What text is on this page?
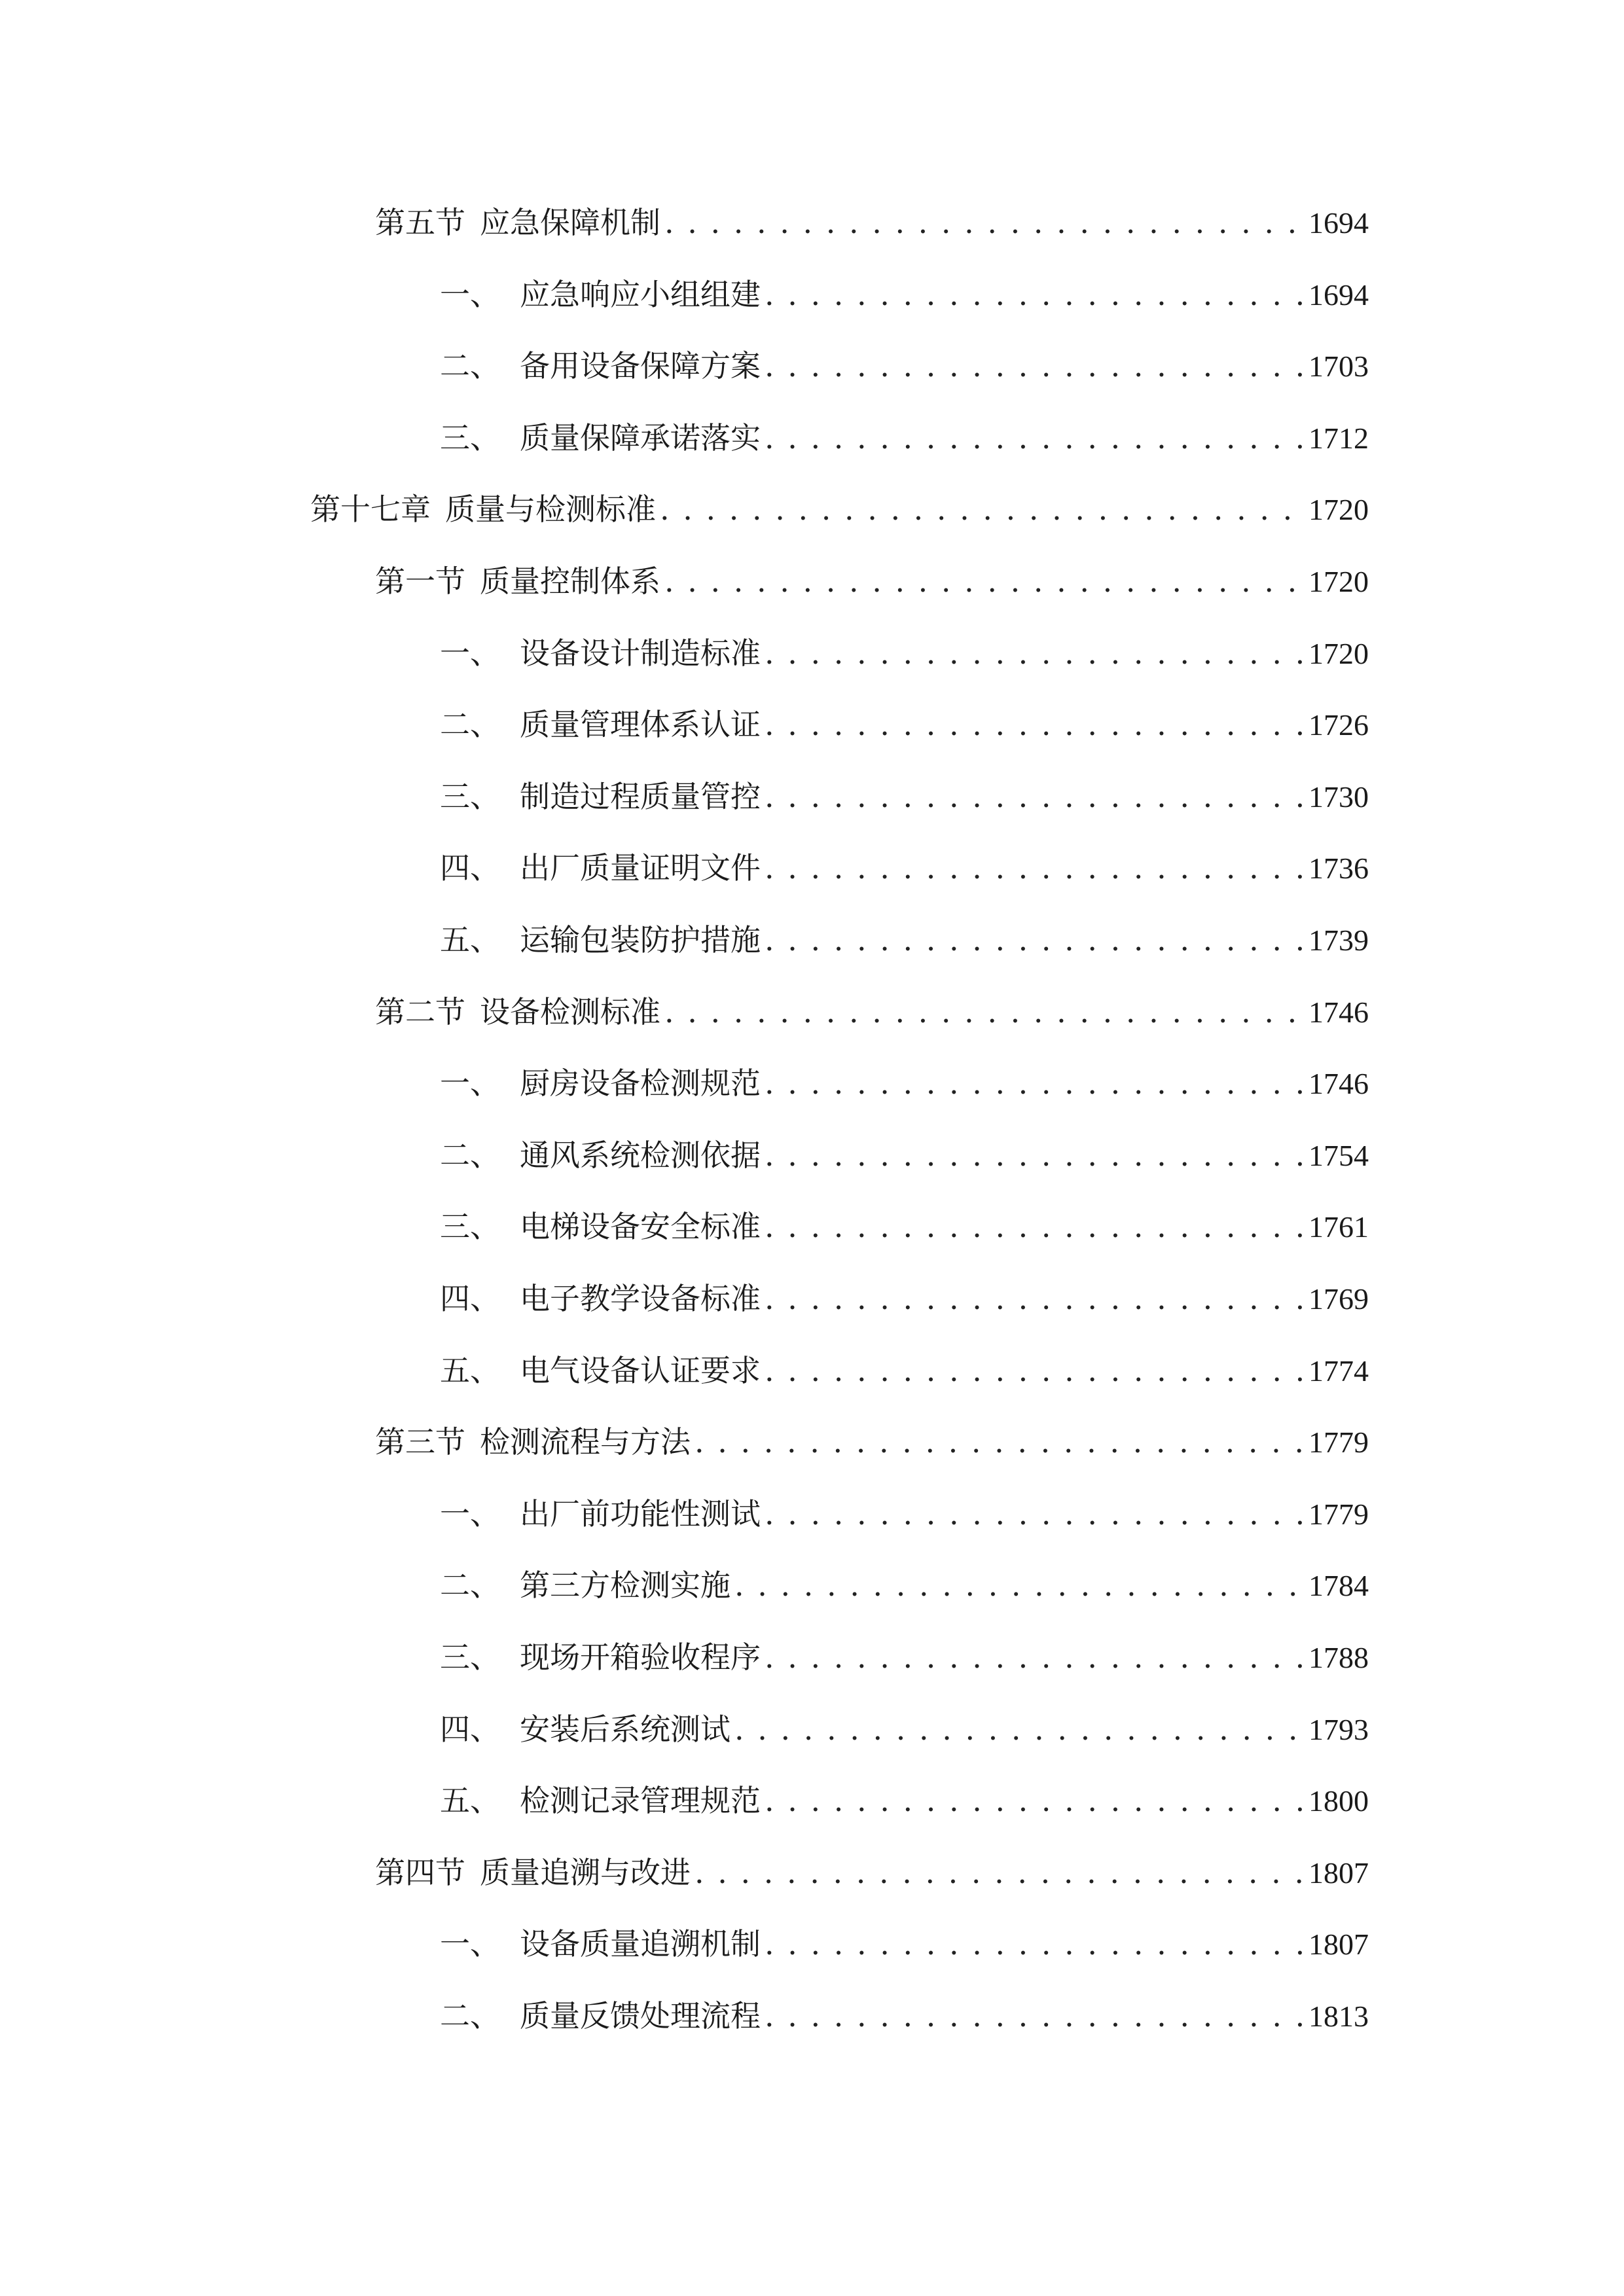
第五节 应急保障机制 . . .	1694
一、 应急响应小组组建 . . .	1694
二、 备用设备保障方案 . . .	1703
三、 质量保障承诺落实 . . .	1712
第十七章 质量与检测标准 . . .	1720
第一节 质量控制体系 . . .	1720
一、 设备设计制造标准 . . .	1720
二、 质量管理体系认证 . . .	1726
三、 制造过程质量管控 . . .	1730
四、 出厂质量证明文件 . . .	1736
五、 运输包装防护措施 . . .	1739
第二节 设备检测标准 . . .	1746
一、 厨房设备检测规范 . . .	1746
二、 通风系统检测依据 . . .	1754
三、 电梯设备安全标准 . . .	1761
四、 电子教学设备标准 . . .	1769
五、 电气设备认证要求 . . .	1774
第三节 检测流程与方法 . . .	1779
一、 出厂前功能性测试 . . .	1779
二、 第三方检测实施 . . .	1784
三、 现场开箱验收程序 . . .	1788
四、 安装后系统测试 . . .	1793
五、 检测记录管理规范 . . .	1800
第四节 质量追溯与改进 . . .	1807
一、 设备质量追溯机制 . . .	1807
二、 质量反馈处理流程 . . .	1813
